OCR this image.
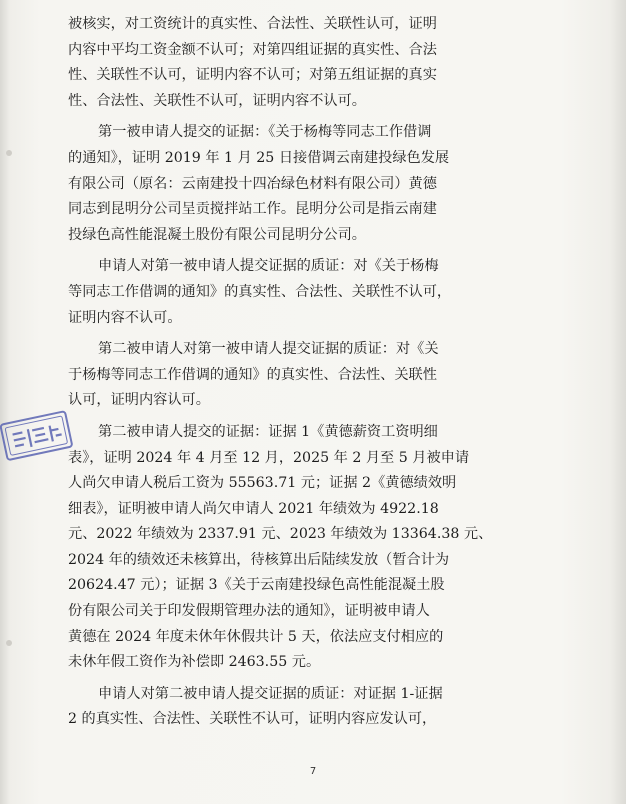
被核实，对工资统计的真实性、合法性、关联性认可，证明
内容中平均工资金额不认可；对第四组证据的真实性、合法
性、关联性不认可，证明内容不认可；对第五组证据的真实
性、合法性、关联性不认可，证明内容不认可。
第一被申请人提交的证据：《关于杨梅等同志工作借调
的通知》，证明 2019 年 1 月 25 日接借调云南建投绿色发展
有限公司（原名：云南建投十四冶绿色材料有限公司）黄德
同志到昆明分公司呈贡搅拌站工作。昆明分公司是指云南建
投绿色高性能混凝土股份有限公司昆明分公司。
申请人对第一被申请人提交证据的质证：对《关于杨梅
等同志工作借调的通知》的真实性、合法性、关联性不认可，
证明内容不认可。
第二被申请人对第一被申请人提交证据的质证：对《关
于杨梅等同志工作借调的通知》的真实性、合法性、关联性
认可，证明内容认可。
第二被申请人提交的证据：证据 1《黄德薪资工资明细
表》，证明 2024 年 4 月至 12 月，2025 年 2 月至 5 月被申请
人尚欠申请人税后工资为 55563.71 元；证据 2《黄德绩效明
细表》，证明被申请人尚欠申请人 2021 年绩效为 4922.18
元、2022 年绩效为 2337.91 元、2023 年绩效为 13364.38 元、
2024 年的绩效还未核算出，待核算出后陆续发放（暂合计为
20624.47 元）；证据 3《关于云南建投绿色高性能混凝土股
份有限公司关于印发假期管理办法的通知》，证明被申请人
黄德在 2024 年度未休年休假共计 5 天，依法应支付相应的
未休年假工资作为补偿即 2463.55 元。
申请人对第二被申请人提交证据的质证：对证据 1-证据
2 的真实性、合法性、关联性不认可，证明内容应发认可，
7
